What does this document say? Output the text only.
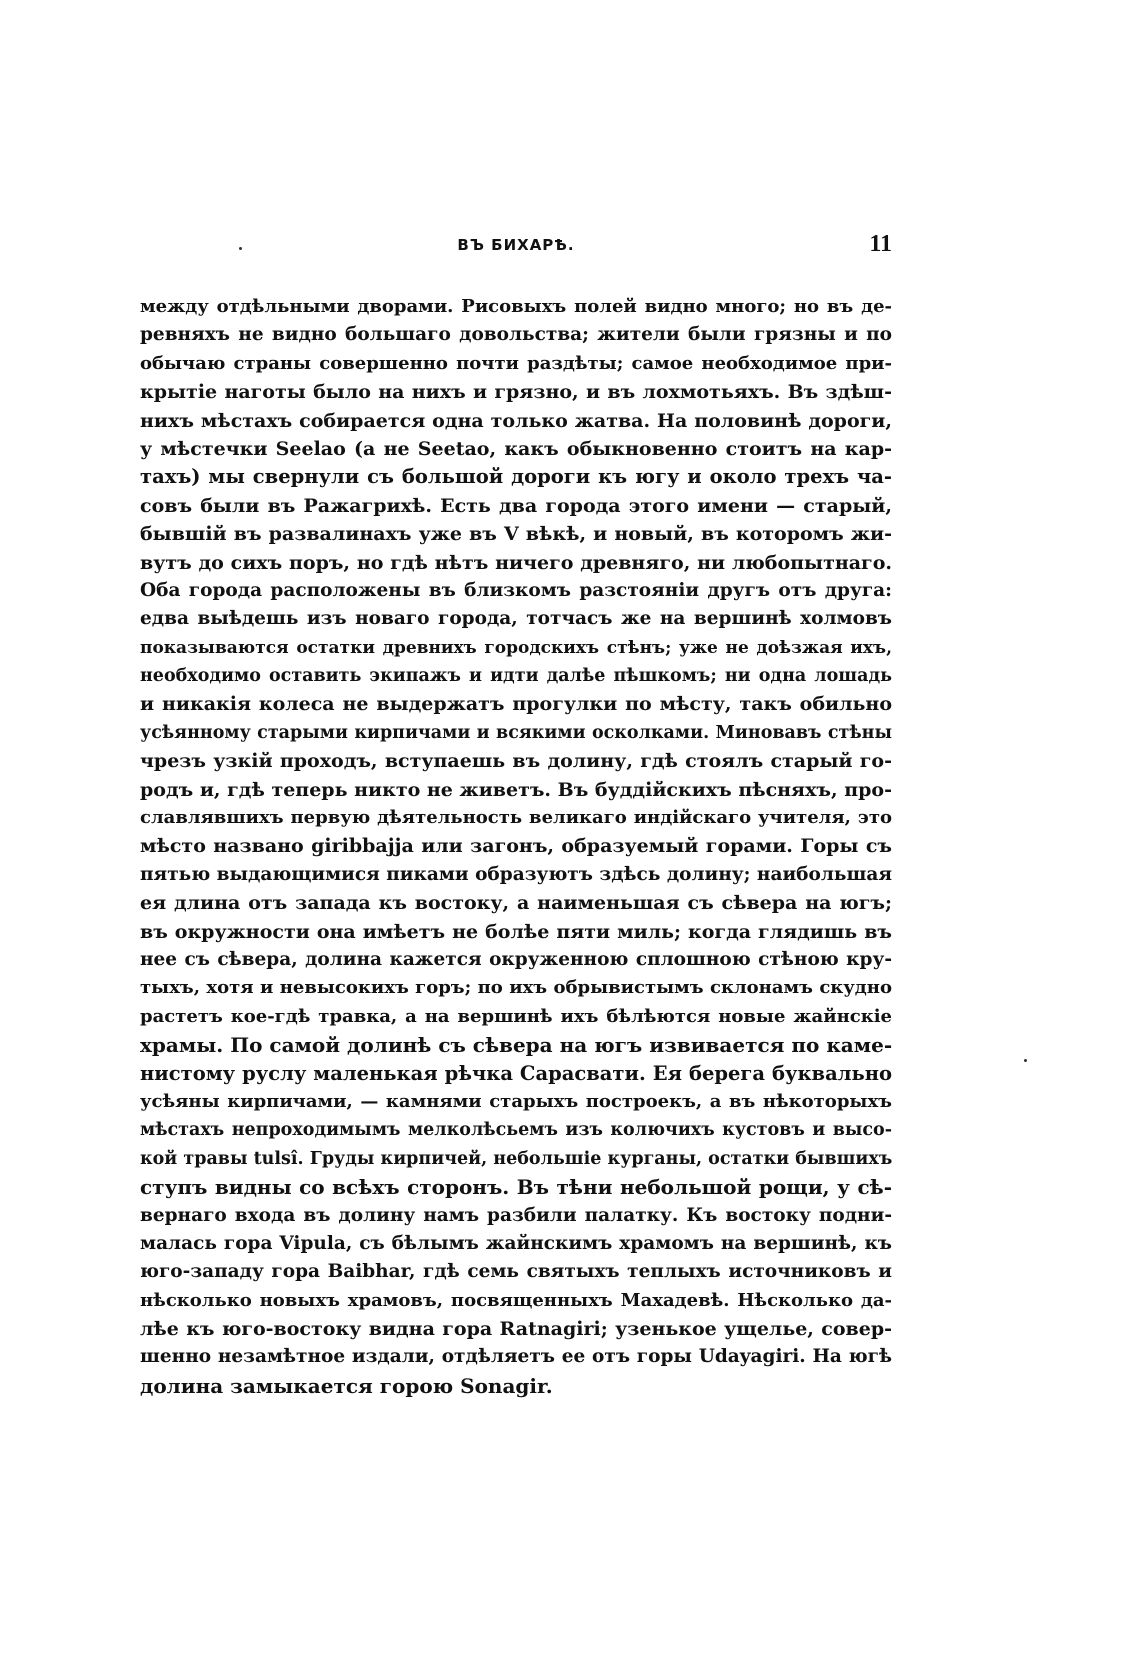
ВЪ БИХАРѢ.	11
между отдѣльными дворами. Рисовыхъ полей видно много; но въ де-
ревняхъ не видно большаго довольства; жители были грязны и по
обычаю страны совершенно почти раздѣты; самое необходимое при-
крытіе наготы было на нихъ и грязно, и въ лохмотьяхъ. Въ здѣш-
нихъ мѣстахъ собирается одна только жатва. На половинѣ дороги,
у мѣстечки Seelao (а не Seetao, какъ обыкновенно стоитъ на кар-
тахъ) мы свернули съ большой дороги къ югу и около трехъ ча-
совъ были въ Ражагрихѣ. Есть два города этого имени — старый,
бывшій въ развалинахъ уже въ V вѣкѣ, и новый, въ которомъ жи-
вутъ до сихъ поръ, но гдѣ нѣтъ ничего древняго, ни любопытнаго.
Оба города расположены въ близкомъ разстояніи другъ отъ друга:
едва выѣдешь изъ новаго города, тотчасъ же на вершинѣ холмовъ
показываются остатки древнихъ городскихъ стѣнъ; уже не доѣзжая ихъ,
необходимо оставить экипажъ и идти далѣе пѣшкомъ; ни одна лошадь
и никакія колеса не выдержатъ прогулки по мѣсту, такъ обильно
усѣянному старыми кирпичами и всякими осколками. Миновавъ стѣны
чрезъ узкій проходъ, вступаешь въ долину, гдѣ стоялъ старый го-
родъ и, гдѣ теперь никто не живетъ. Въ буддійскихъ пѣсняхъ, про-
славлявшихъ первую дѣятельность великаго индійскаго учителя, это
мѣсто названо giribbajja или загонъ, образуемый горами. Горы съ
пятью выдающимися пиками образуютъ здѣсь долину; наибольшая
ея длина отъ запада къ востоку, а наименьшая съ сѣвера на югъ;
въ окружности она имѣетъ не болѣе пяти миль; когда глядишь въ
нее съ сѣвера, долина кажется окруженною сплошною стѣною кру-
тыхъ, хотя и невысокихъ горъ; по ихъ обрывистымъ склонамъ скудно
растетъ кое-гдѣ травка, а на вершинѣ ихъ бѣлѣются новые жайнскіе
храмы. По самой долинѣ съ сѣвера на югъ извивается по каме-
нистому руслу маленькая рѣчка Сарасвати. Ея берега буквально
усѣяны кирпичами, — камнями старыхъ построекъ, а въ нѣкоторыхъ
мѣстахъ непроходимымъ мелколѣсьемъ изъ колючихъ кустовъ и высо-
кой травы tulsî. Груды кирпичей, небольшіе курганы, остатки бывшихъ
ступъ видны со всѣхъ сторонъ. Въ тѣни небольшой рощи, у сѣ-
вернаго входа въ долину намъ разбили палатку. Къ востоку подни-
малась гора Vipula, съ бѣлымъ жайнскимъ храмомъ на вершинѣ, къ
юго-западу гора Baibhar, гдѣ семь святыхъ теплыхъ источниковъ и
нѣсколько новыхъ храмовъ, посвященныхъ Махадевѣ. Нѣсколько да-
лѣе къ юго-востоку видна гора Ratnagiri; узенькое ущелье, совер-
шенно незамѣтное издали, отдѣляетъ ее отъ горы Udayagiri. На югѣ
долина замыкается горою Sonagir.
